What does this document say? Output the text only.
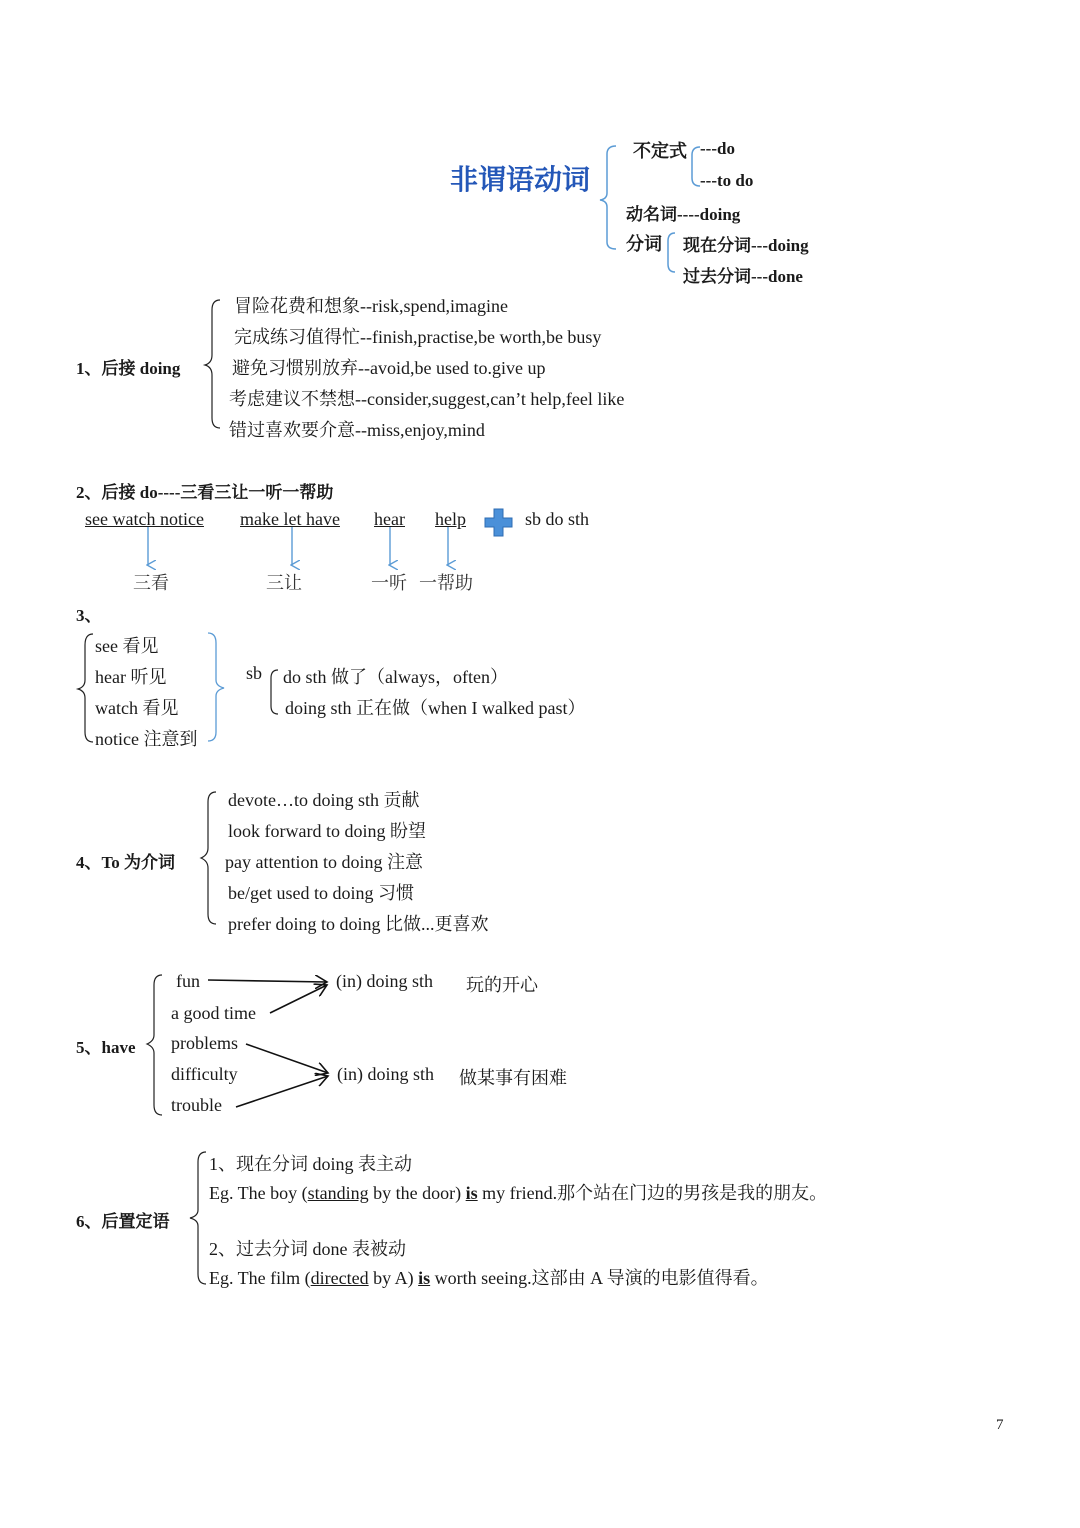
非谓语动词
不定式 ---do
---to do
动名词----doing
分词 现在分词---doing
过去分词---done
1、后接 doing
冒险花费和想象--risk,spend,imagine
完成练习值得忙--finish,practise,be worth,be busy
避免习惯别放弃--avoid,be used to.give up
考虑建议不禁想--consider,suggest,can’t help,feel like
错过喜欢要介意--miss,enjoy,mind
2、后接 do----三看三让一听一帮助
see watch notice make let have hear help	sb do sth
三看	三让	一听 一帮助
3、
see 看见
hear 听见
watch 看见
notice 注意到
sb do sth 做了（always，often）
doing sth 正在做（when I walked past）
4、To 为介词
devote…to doing sth 贡献
look forward to doing 盼望
pay attention to doing 注意
be/get used to doing 习惯
prefer doing to doing 比做...更喜欢
5、have
fun
a good time
problems
difficulty
trouble
(in) doing sth 玩的开心
(in) doing sth 做某事有困难
6、后置定语
1、现在分词 doing 表主动
Eg. The boy (standing by the door) is my friend.那个站在门边的男孩是我的朋友。
2、过去分词 done 表被动
Eg. The film (directed by A) is worth seeing.这部由 A 导演的电影值得看。
7
